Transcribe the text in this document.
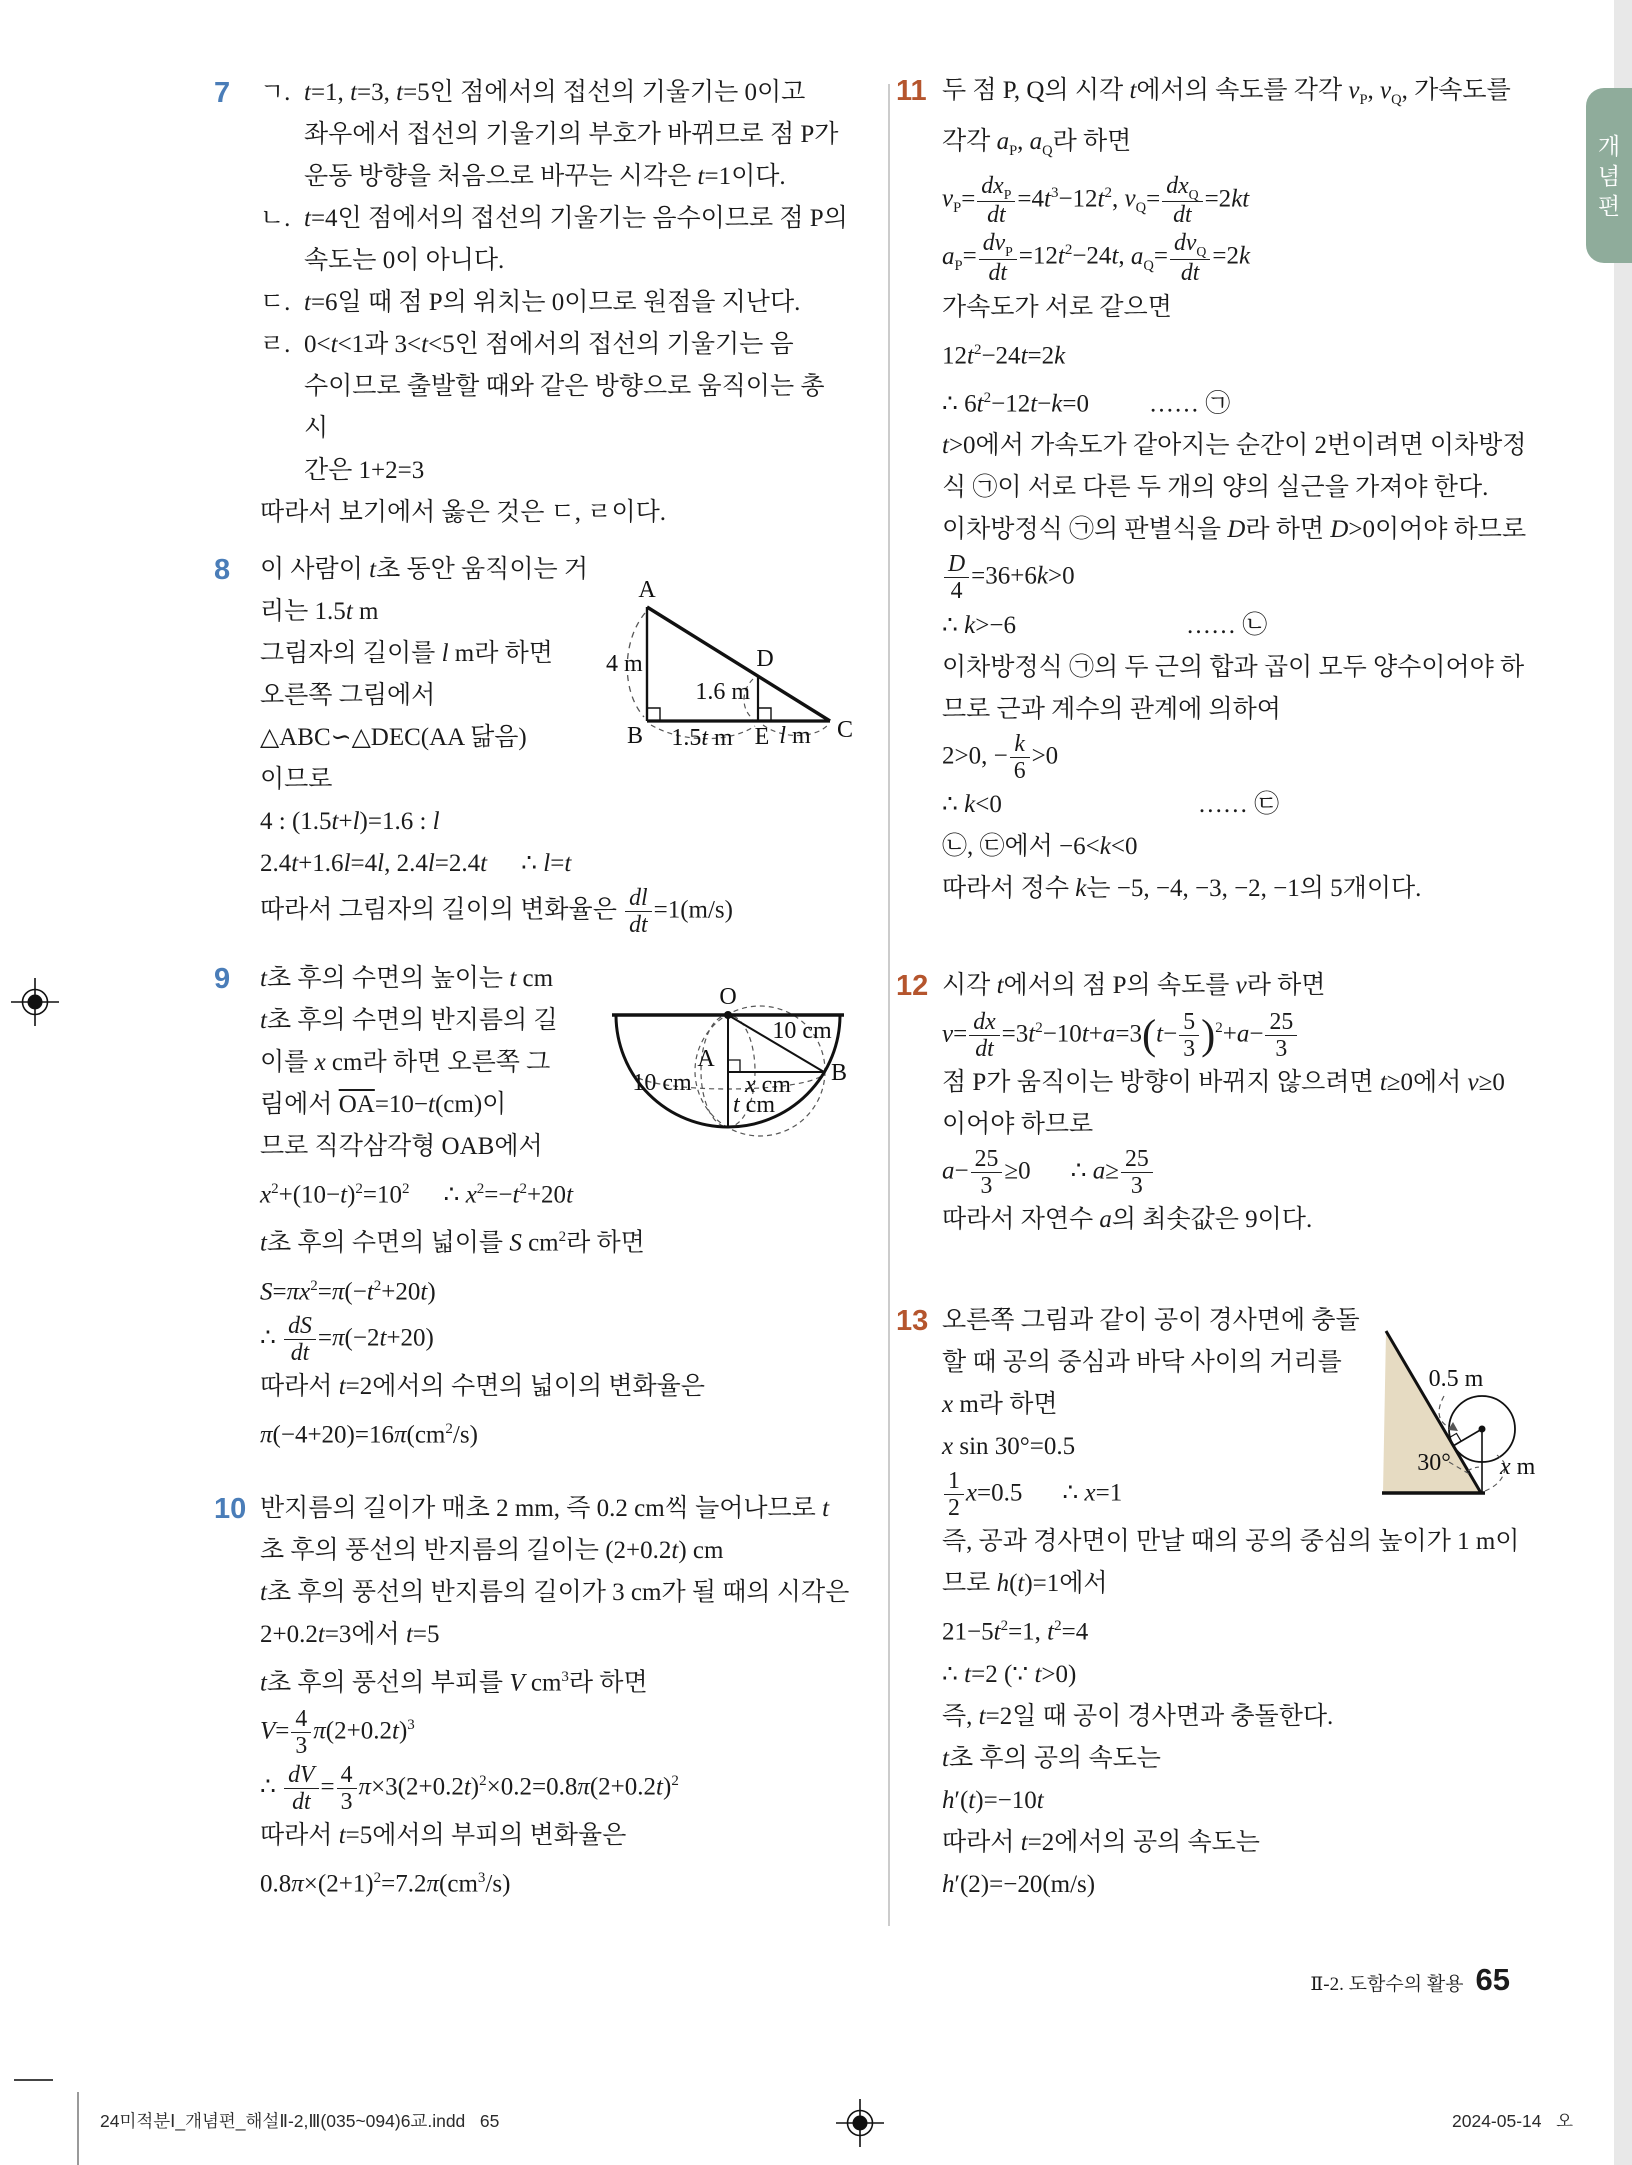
개념편
7	ㄱ. t=1, t=3, t=5인 점에서의 접선의 기울기는 0이고
좌우에서 접선의 기울기의 부호가 바뀌므로 점 P가
운동 방향을 처음으로 바꾸는 시각은 t=1이다.
ㄴ. t=4인 점에서의 접선의 기울기는 음수이므로 점 P의
속도는 0이 아니다.
ㄷ. t=6일 때 점 P의 위치는 0이므로 원점을 지난다.
ㄹ. 0<t<1과 3<t<5인 점에서의 접선의 기울기는 음
수이므로 출발할 때와 같은 방향으로 움직이는 총 시
간은 1+2=3
따라서 보기에서 옳은 것은 ㄷ, ㄹ이다.
8
A
B	C
D
E
4 m
1.6 m
1.5t m l m
이 사람이 t초 동안 움직이는 거리는 1.5t m
그림자의 길이를 l m라 하면
오른쪽 그림에서
△ABC∽△DEC(AA 닮음)
이므로
4 : (1.5t+l)=1.6 : l
2.4t+1.6l=4l, 2.4l=2.4t ∴ l=t
따라서 그림자의 길이의 변화율은 $\frac{dl}{dt} =1(m/s)$
9
O
A
B
10 cm
10 cm x cm
t cm
t초 후의 수면의 높이는 t cm
t초 후의 수면의 반지름의 길
이를 x cm라 하면 오른쪽 그
림에서 $\overline{OA}=10-t(cm)$이
므로 직각삼각형 OAB에서
$x^2+(10-t)^2=10^2$ ∴ $x^2=-t^2+20t$
t초 후의 수면의 넓이를 S $cm^2$라 하면
$S=\pi x^2=\pi(-t^2+20t)$
∴ $\frac{dS}{dt} =\pi(-2t+20)$
따라서 t=2에서의 수면의 넓이의 변화율은
$\pi(-4+20)=16\pi(cm^2/s)$
10 반지름의 길이가 매초 2 mm, 즉 0.2 cm씩 늘어나므로 t
초 후의 풍선의 반지름의 길이는 (2+0.2t) cm
t초 후의 풍선의 반지름의 길이가 3 cm가 될 때의 시각은
2+0.2t=3에서 t=5
t초 후의 풍선의 부피를 V $cm^3$라 하면
$V= \frac{4}{3} \pi(2+0.2t)^3$
∴ $\frac{dV}{dt} = \frac{4}{3} \pi\times 3(2+0.2t)^2\times 0.2=0.8\pi(2+0.2t)^2$
따라서 t=5에서의 부피의 변화율은
$0.8\pi\times(2+1)^2=7.2\pi(cm^3/s)$
11 두 점 P, Q의 시각 t에서의 속도를 각각 $v_P$, $v_Q$, 가속도를
각각 $a_P$, $a_Q$라 하면
$v_P= \frac{dx_P}{dt} =4t^3-12t^2$, $v_Q= \frac{dx_Q}{dt} =2kt$
$a_P= \frac{dv_P}{dt} =12t^2-24t$, $a_Q= \frac{dv_Q}{dt} =2k$
가속도가 서로 같으면
$12t^2-24t=2k$
∴ $6t^2-12t-k=0$ …… ㉠
t>0에서 가속도가 같아지는 순간이 2번이려면 이차방정
식 ㉠이 서로 다른 두 개의 양의 실근을 가져야 한다.
이차방정식 ㉠의 판별식을 D라 하면 D>0이어야 하므로
$\frac{D}{4} =36+6k>0$
∴ k>−6	…… ㉡
이차방정식 ㉠의 두 근의 합과 곱이 모두 양수이어야 하
므로 근과 계수의 관계에 의하여
2>0, − $\frac{k}{6} >0$
∴ k<0	…… ㉢
㉡, ㉢에서 −6<k<0
따라서 정수 k는 −5, −4, −3, −2, −1의 5개이다.
12 시각 t에서의 점 P의 속도를 v라 하면
$v= \frac{dx}{dt} =3t^2-10t+a=3(t- \frac{5}{3} )^2+a- \frac{25}{3}$
점 P가 움직이는 방향이 바뀌지 않으려면 t≥0에서 v≥0
이어야 하므로
$a- \frac{25}{3} \ge 0$ ∴ $a\ge \frac{25}{3}$
따라서 자연수 a의 최솟값은 9이다.
13
0.5 m
30° x m
오른쪽 그림과 같이 공이 경사면에 충돌
할 때 공의 중심과 바닥 사이의 거리를
x m라 하면
x sin 30°=0.5
$\frac{1}{2} x=0.5$ ∴ x=1
즉, 공과 경사면이 만날 때의 공의 중심의 높이가 1 m이
므로 h(t)=1에서
$21-5t^2=1$, $t^2=4$
∴ t=2 (∵ t>0)
즉, t=2일 때 공이 경사면과 충돌한다.
t초 후의 공의 속도는
h′(t)=−10t
따라서 t=2에서의 공의 속도는
h′(2)=−20(m/s)
Ⅱ-2. 도함수의 활용 65
24미적분Ⅰ_개념편_해설Ⅱ-2,Ⅲ(035~094)6교.indd   65	2024-05-14   오
